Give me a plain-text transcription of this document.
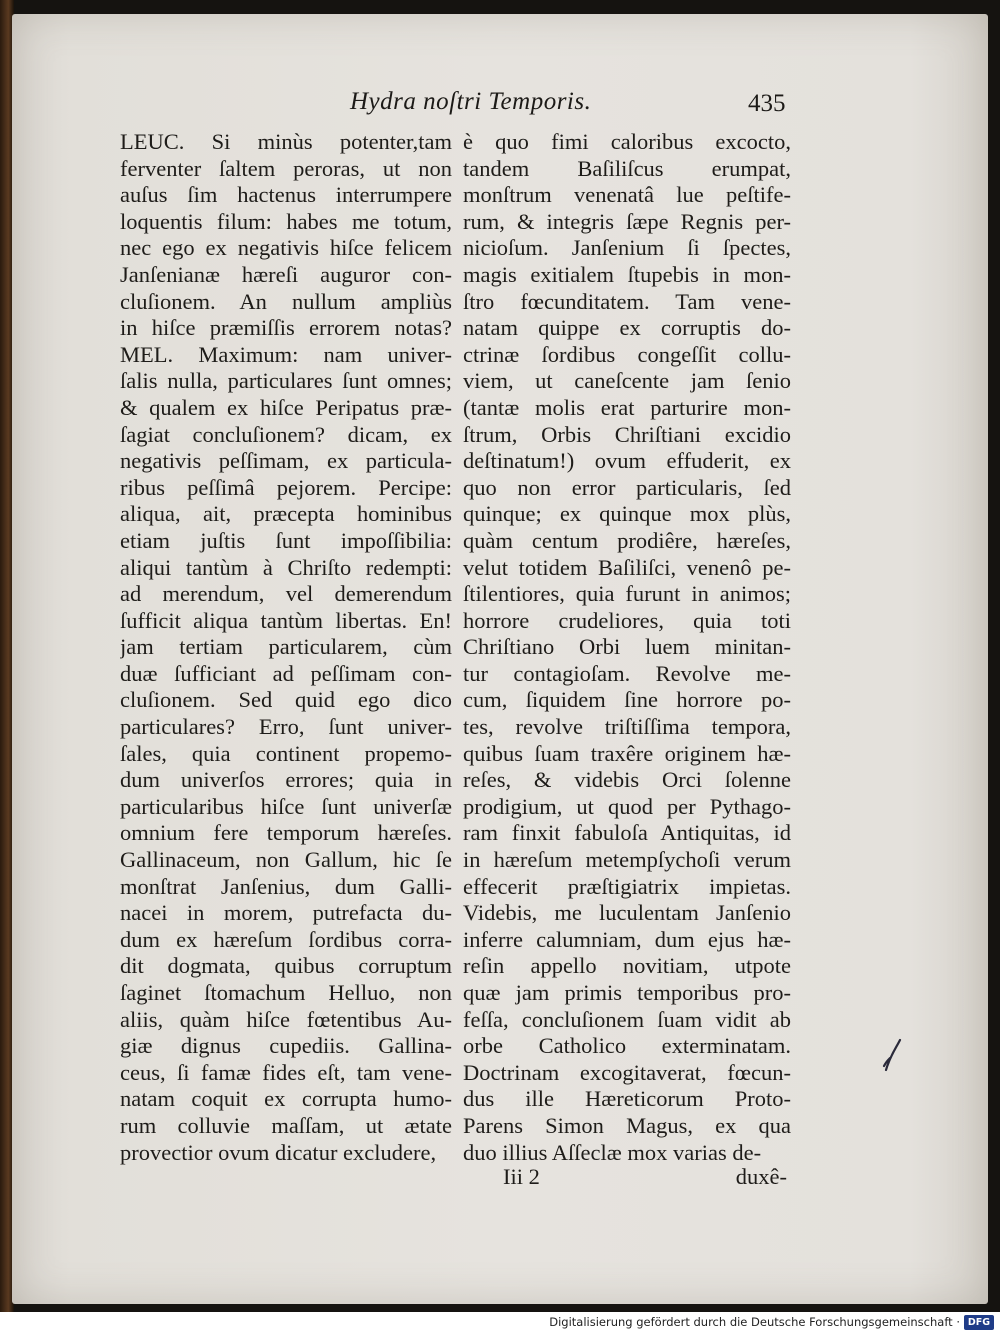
Hydra noſtri Temporis.	435
LEUC. Si minùs potenter,tam
ferventer ſaltem peroras, ut non
auſus ſim hactenus interrumpere
loquentis filum: habes me totum,
nec ego ex negativis hiſce felicem
Janſenianæ hæreſi auguror con-
cluſionem. An nullum ampliùs
in hiſce præmiſſis errorem notas?
MEL. Maximum: nam univer-
ſalis nulla, particulares ſunt omnes;
& qualem ex hiſce Peripatus præ-
ſagiat concluſionem? dicam, ex
negativis peſſimam, ex particula-
ribus peſſimâ pejorem. Percipe:
aliqua, ait, præcepta hominibus
etiam juſtis ſunt impoſſibilia:
aliqui tantùm à Chriſto redempti:
ad merendum, vel demerendum
ſufficit aliqua tantùm libertas. En!
jam tertiam particularem, cùm
duæ ſufficiant ad peſſimam con-
cluſionem. Sed quid ego dico
particulares? Erro, ſunt univer-
ſales, quia continent propemo-
dum univerſos errores; quia in
particularibus hiſce ſunt univerſæ
omnium fere temporum hæreſes.
Gallinaceum, non Gallum, hic ſe
monſtrat Janſenius, dum Galli-
nacei in morem, putrefacta du-
dum ex hæreſum ſordibus corra-
dit dogmata, quibus corruptum
ſaginet ſtomachum Helluo, non
aliis, quàm hiſce fœtentibus Au-
giæ dignus cupediis. Gallina-
ceus, ſi famæ fides eſt, tam vene-
natam coquit ex corrupta humo-
rum colluvie maſſam, ut ætate
provectior ovum dicatur excludere,
è quo fimi caloribus excocto,
tandem Baſiliſcus erumpat,
monſtrum venenatâ lue peſtife-
rum, & integris ſæpe Regnis per-
nicioſum. Janſenium ſi ſpectes,
magis exitialem ſtupebis in mon-
ſtro fœcunditatem. Tam vene-
natam quippe ex corruptis do-
ctrinæ ſordibus congeſſit collu-
viem, ut caneſcente jam ſenio
(tantæ molis erat parturire mon-
ſtrum, Orbis Chriſtiani excidio
deſtinatum!) ovum effuderit, ex
quo non error particularis, ſed
quinque; ex quinque mox plùs,
quàm centum prodiêre, hæreſes,
velut totidem Baſiliſci, venenô pe-
ſtilentiores, quia furunt in animos;
horrore crudeliores, quia toti
Chriſtiano Orbi luem minitan-
tur contagioſam. Revolve me-
cum, ſiquidem ſine horrore po-
tes, revolve triſtiſſima tempora,
quibus ſuam traxêre originem hæ-
reſes, & videbis Orci ſolenne
prodigium, ut quod per Pythago-
ram finxit fabuloſa Antiquitas, id
in hæreſum metempſychoſi verum
effecerit præſtigiatrix impietas.
Videbis, me luculentam Janſenio
inferre calumniam, dum ejus hæ-
reſin appello novitiam, utpote
quæ jam primis temporibus pro-
feſſa, concluſionem ſuam vidit ab
orbe Catholico exterminatam.
Doctrinam excogitaverat, fœcun-
dus ille Hæreticorum Proto-
Parens Simon Magus, ex qua
duo illius Aſſeclæ mox varias de-
Iii 2	duxê-
Digitalisierung gefördert durch die Deutsche Forschungsgemeinschaft · DFG
